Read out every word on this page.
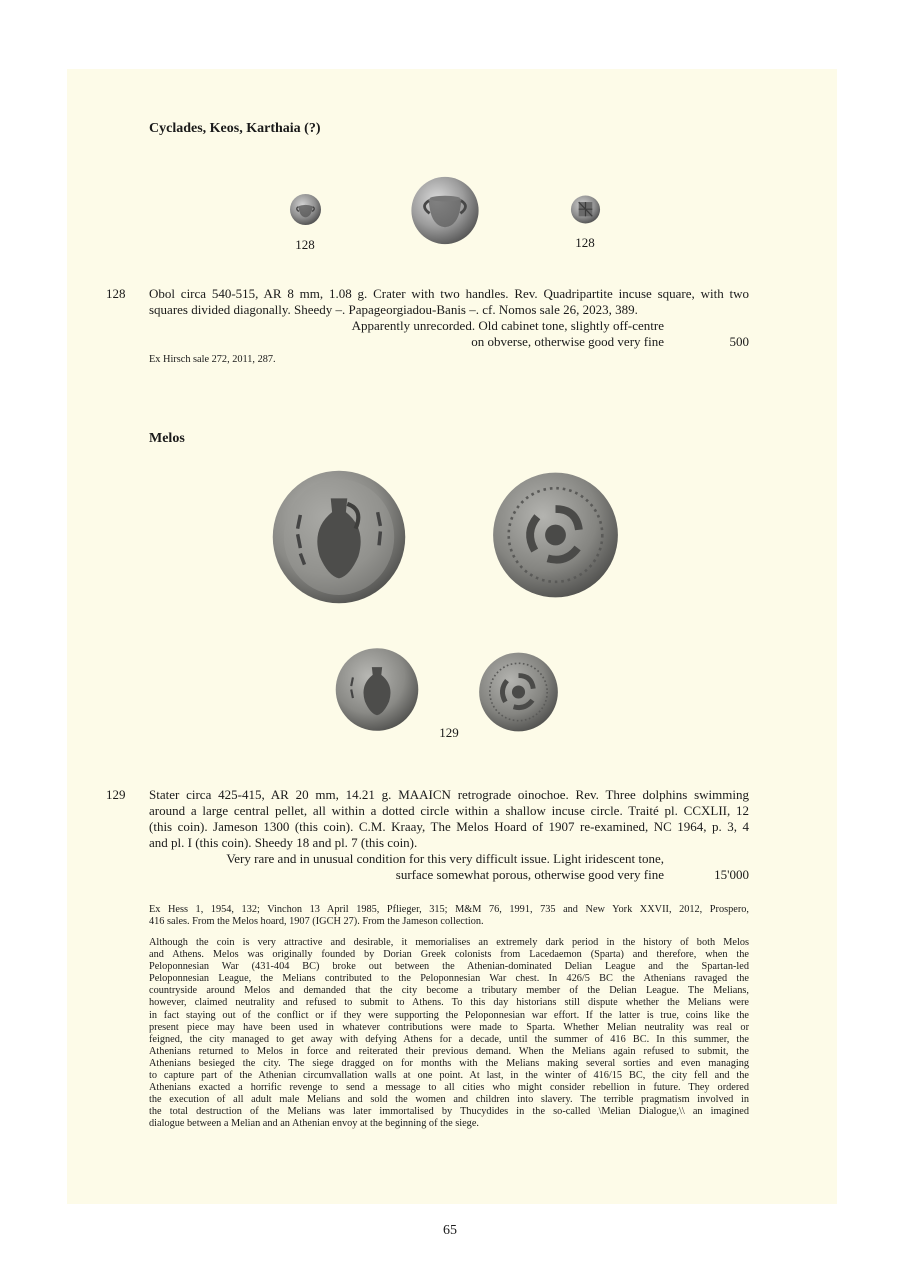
Cyclades, Keos, Karthaia (?)
128	128
128 Obol circa 540-515, AR 8 mm, 1.08 g. Crater with two handles. Rev. Quadripartite incuse square, with two
squares divided diagonally. Sheedy –. Papageorgiadou-Banis –. cf. Nomos sale 26, 2023, 389.
Apparently unrecorded. Old cabinet tone, slightly off-centre
on obverse, otherwise good very fine	500
Ex Hirsch sale 272, 2011, 287.
Melos
129
129 Stater circa 425-415, AR 20 mm, 14.21 g. MAAICN retrograde oinochoe. Rev. Three dolphins swimming
around a large central pellet, all within a dotted circle within a shallow incuse circle. Traité pl. CCXLII, 12
(this coin). Jameson 1300 (this coin). C.M. Kraay, The Melos Hoard of 1907 re-examined, NC 1964, p. 3, 4
and pl. I (this coin). Sheedy 18 and pl. 7 (this coin).
Very rare and in unusual condition for this very difficult issue. Light iridescent tone,
surface somewhat porous, otherwise good very fine	15'000
Ex Hess 1, 1954, 132; Vinchon 13 April 1985, Pflieger, 315; M&M 76, 1991, 735 and New York XXVII, 2012, Prospero,
416 sales. From the Melos hoard, 1907 (IGCH 27). From the Jameson collection.
Although the coin is very attractive and desirable, it memorialises an extremely dark period in the history of both Melos
and Athens. Melos was originally founded by Dorian Greek colonists from Lacedaemon (Sparta) and therefore, when the
Peloponnesian War (431-404 BC) broke out between the Athenian-dominated Delian League and the Spartan-led
Peloponnesian League, the Melians contributed to the Peloponnesian War chest. In 426/5 BC the Athenians ravaged the
countryside around Melos and demanded that the city become a tributary member of the Delian League. The Melians,
however, claimed neutrality and refused to submit to Athens. To this day historians still dispute whether the Melians were
in fact staying out of the conflict or if they were supporting the Peloponnesian war effort. If the latter is true, coins like the
present piece may have been used in whatever contributions were made to Sparta. Whether Melian neutrality was real or
feigned, the city managed to get away with defying Athens for a decade, until the summer of 416 BC. In this summer, the
Athenians returned to Melos in force and reiterated their previous demand. When the Melians again refused to submit, the
Athenians besieged the city. The siege dragged on for months with the Melians making several sorties and even managing
to capture part of the Athenian circumvallation walls at one point. At last, in the winter of 416/15 BC, the city fell and the
Athenians exacted a horrific revenge to send a message to all cities who might consider rebellion in future. They ordered
the execution of all adult male Melians and sold the women and children into slavery. The terrible pragmatism involved in
the total destruction of the Melians was later immortalised by Thucydides in the so-called \Melian Dialogue,\\ an imagined
dialogue between a Melian and an Athenian envoy at the beginning of the siege.
65
